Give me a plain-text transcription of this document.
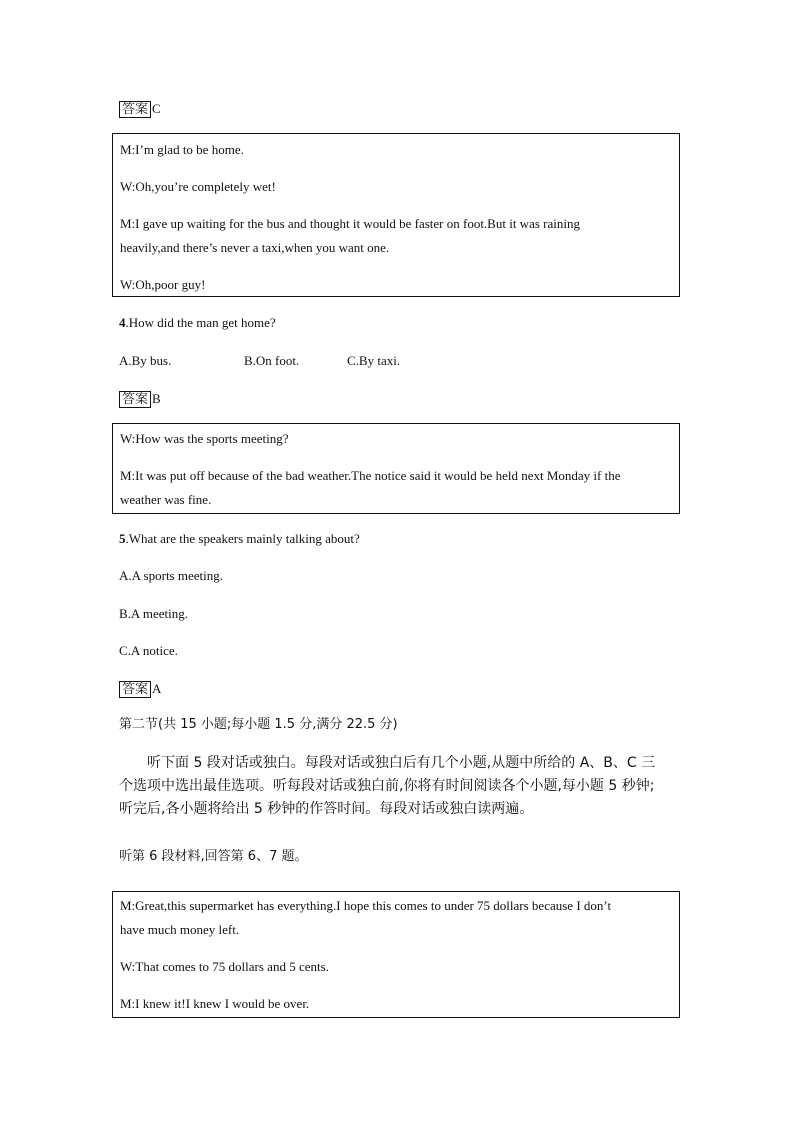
答案 C

M:I’m glad to be home.

W:Oh,you’re completely wet!

M:I gave up waiting for the bus and thought it would be faster on foot.But it was raining

heavily,and there’s never a taxi,when you want one.

W:Oh,poor guy!

4.How did the man get home?
A.By bus.	B.On foot.	C.By taxi.
答案 B

W:How was the sports meeting?

M:It was put off because of the bad weather.The notice said it would be held next Monday if the

weather was fine.

5.What are the speakers mainly talking about?
A.A sports meeting.
B.A meeting.
C.A notice.
答案 A
第二节(共 15 小题;每小题 1.5 分,满分 22.5 分)
听下面 5 段对话或独白。每段对话或独白后有几个小题,从题中所给的 A、B、C 三个选项中选出最佳选项。听每段对话或独白前,你将有时间阅读各个小题,每小题 5 秒钟;听完后,各小题将给出 5 秒钟的作答时间。每段对话或独白读两遍。
听第 6 段材料,回答第 6、7 题。

M:Great,this supermarket has everything.I hope this comes to under 75 dollars because I don’t

have much money left.

W:That comes to 75 dollars and 5 cents.

M:I knew it!I knew I would be over.
